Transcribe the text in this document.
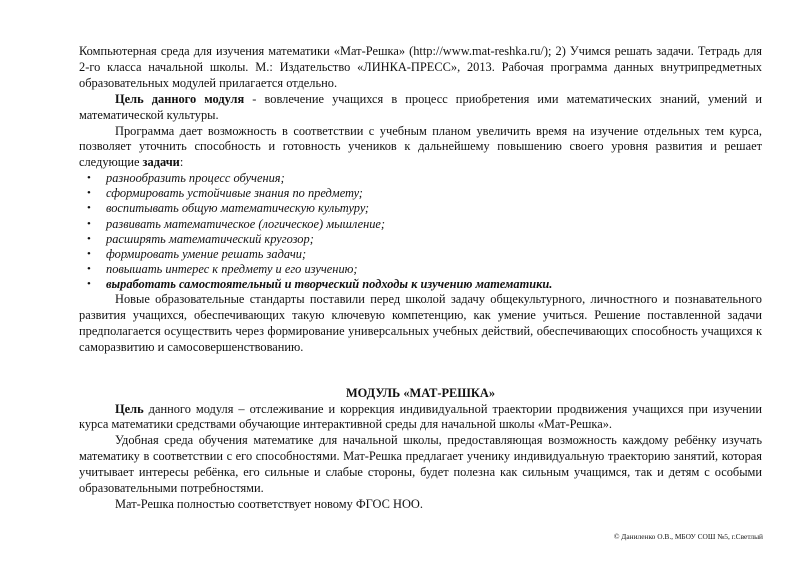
Компьютерная среда для изучения математики «Мат-Решка» (http://www.mat-reshka.ru/); 2) Учимся решать задачи. Тетрадь для 2-го класса начальной школы. М.: Издательство «ЛИНКА-ПРЕСС», 2013. Рабочая программа данных внутрипредметных образовательных модулей прилагается отдельно.

Цель данного модуля - вовлечение учащихся в процесс приобретения ими математических знаний, умений и математической культуры.

Программа дает возможность в соответствии с учебным планом увеличить время на изучение отдельных тем курса, позволяет уточнить способность и готовность учеников к дальнейшему повышению своего уровня развития и решает следующие задачи:

• разнообразить процесс обучения;
• сформировать устойчивые знания по предмету;
• воспитывать общую математическую культуру;
• развивать математическое (логическое) мышление;
• расширять математический кругозор;
• формировать умение решать задачи;
• повышать интерес к предмету и его изучению;
• выработать самостоятельный и творческий подходы к изучению математики.

Новые образовательные стандарты поставили перед школой задачу общекультурного, личностного и познавательного развития учащихся, обеспечивающих такую ключевую компетенцию, как умение учиться. Решение поставленной задачи предполагается осуществить через формирование универсальных учебных действий, обеспечивающих способность учащихся к саморазвитию и самосовершенствованию.

МОДУЛЬ «МАТ-РЕШКА»

Цель данного модуля – отслеживание и коррекция индивидуальной траектории продвижения учащихся при изучении курса математики средствами обучающие интерактивной среды для начальной школы «Мат-Решка».

Удобная среда обучения математике для начальной школы, предоставляющая возможность каждому ребёнку изучать математику в соответствии с его способностями. Мат-Решка предлагает ученику индивидуальную траекторию занятий, которая учитывает интересы ребёнка, его сильные и слабые стороны, будет полезна как сильным учащимся, так и детям с особыми образовательными потребностями.

Мат-Решка полностью соответствует новому ФГОС НОО.

© Даниленко О.В., МБОУ СОШ №5, г.Светлый
